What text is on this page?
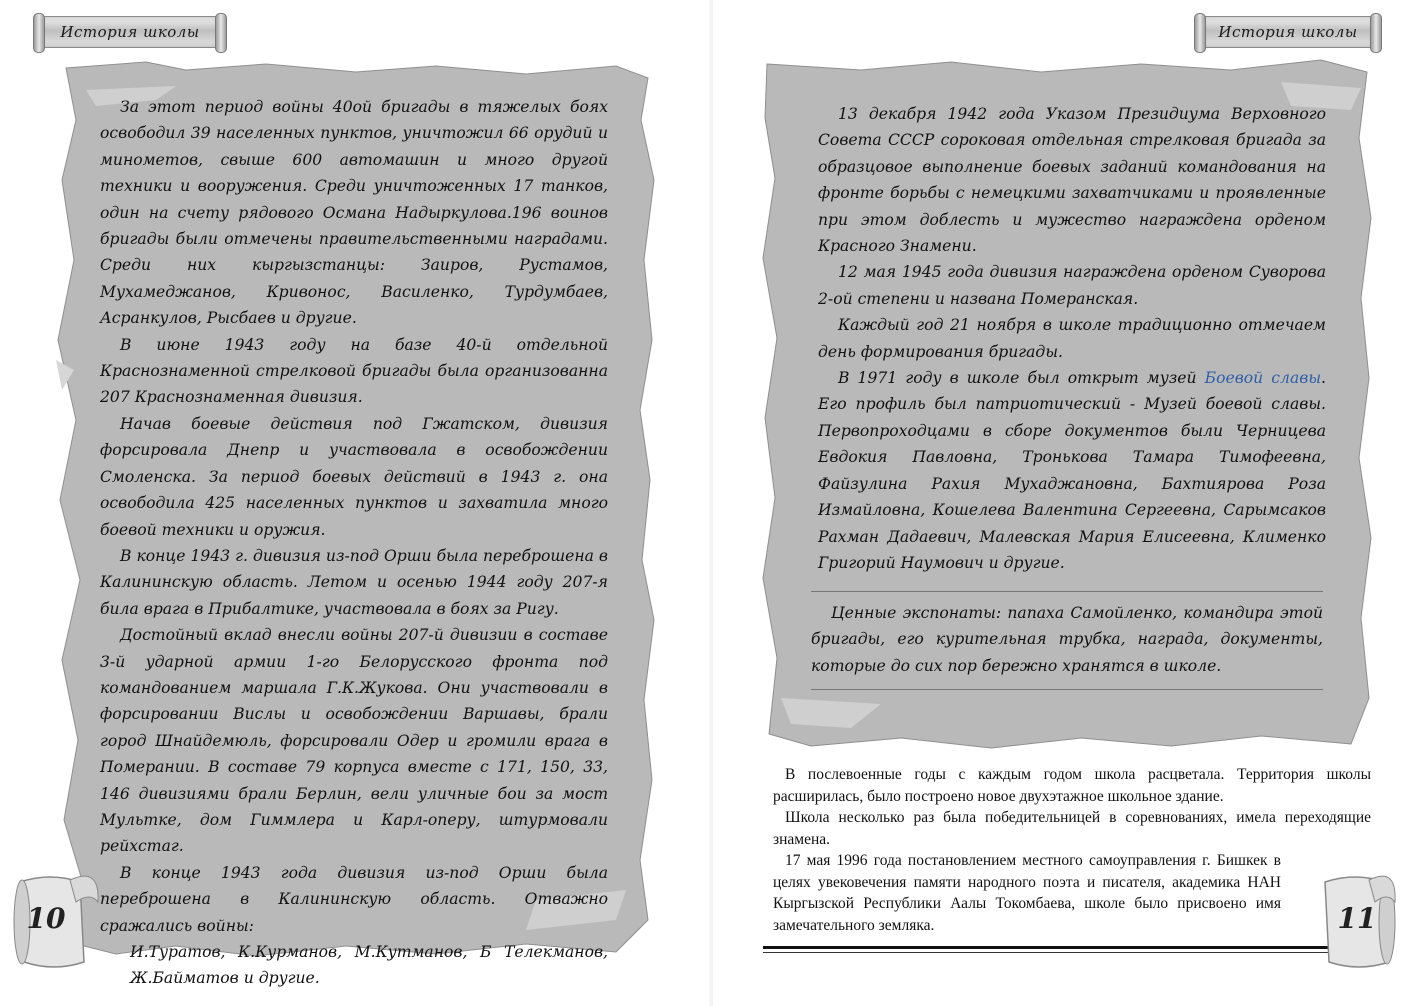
История школы

За этот период войны 40ой бригады в тяжелых боях освободил 39 населенных пунктов, уничтожил 66 орудий и минометов, свыше 600 автомашин и много другой техники и вооружения. Среди уничтоженных 17 танков, один на счету рядового Османа Надыркулова.196 воинов бригады были отмечены правительственными наградами. Среди них кыргызстанцы: Заиров, Рустамов, Мухамеджанов, Кривонос, Василенко, Турдумбаев, Асранкулов, Рысбаев и другие.

В июне 1943 году на базе 40-й отдельной Краснознаменной стрелковой бригады была организованна 207 Краснознаменная дивизия.

Начав боевые действия под Гжатском, дивизия форсировала Днепр и участвовала в освобождении Смоленска. За период боевых действий в 1943 г. она освободила 425 населенных пунктов и захватила много боевой техники и оружия.

В конце 1943 г. дивизия из-под Орши была переброшена в Калининскую область. Летом и осенью 1944 году 207-я била врага в Прибалтике, участвовала в боях за Ригу.

Достойный вклад внесли войны 207-й дивизии в составе 3-й ударной армии 1-го Белорусского фронта под командованием маршала Г.К.Жукова. Они участвовали в форсировании Вислы и освобождении Варшавы, брали город Шнайдемюль, форсировали Одер и громили врага в Померании. В составе 79 корпуса вместе с 171, 150, 33, 146 дивизиями брали Берлин, вели уличные бои за мост Мультке, дом Гиммлера и Карл-оперу, штурмовали рейхстаг.

В конце 1943 года дивизия из-под Орши была переброшена в Калининскую область. Отважно сражались войны:

И.Туратов, К.Курманов, М.Кутманов, Б Телекманов, Ж.Байматов и другие.

10
История школы

13 декабря 1942 года Указом Президиума Верховного Совета СССР сороковая отдельная стрелковая бригада за образцовое выполнение боевых заданий командования на фронте борьбы с немецкими захватчиками и проявленные при этом доблесть и мужество награждена орденом Красного Знамени.

12 мая 1945 года дивизия награждена орденом Суворова 2-ой степени и названа Померанская.

Каждый год 21 ноября в школе традиционно отмечаем день формирования бригады.

В 1971 году в школе был открыт музей Боевой славы. Его профиль был патриотический - Музей боевой славы. Первопроходцами в сборе документов были Черницева Евдокия Павловна, Тронькова Тамара Тимофеевна, Файзулина Рахия Мухаджановна, Бахтиярова Роза Измайловна, Кошелева Валентина Сергеевна, Сарымсаков Рахман Дадаевич, Малевская Мария Елисеевна, Клименко Григорий Наумович и другие.

Ценные экспонаты: папаха Самойленко, командира этой бригады, его курительная трубка, награда, документы, которые до сих пор бережно хранятся в школе.

В послевоенные годы с каждым годом школа расцветала. Территория школы расширилась, было построено новое двухэтажное школьное здание.

Школа несколько раз была победительницей в соревнованиях, имела переходящие знамена.

17 мая 1996 года постановлением местного самоуправления г. Бишкек в целях увековечения памяти народного поэта и писателя, академика НАН Кыргызской Республики Аалы Токомбаева, школе было присвоено имя замечательного земляка.	11
